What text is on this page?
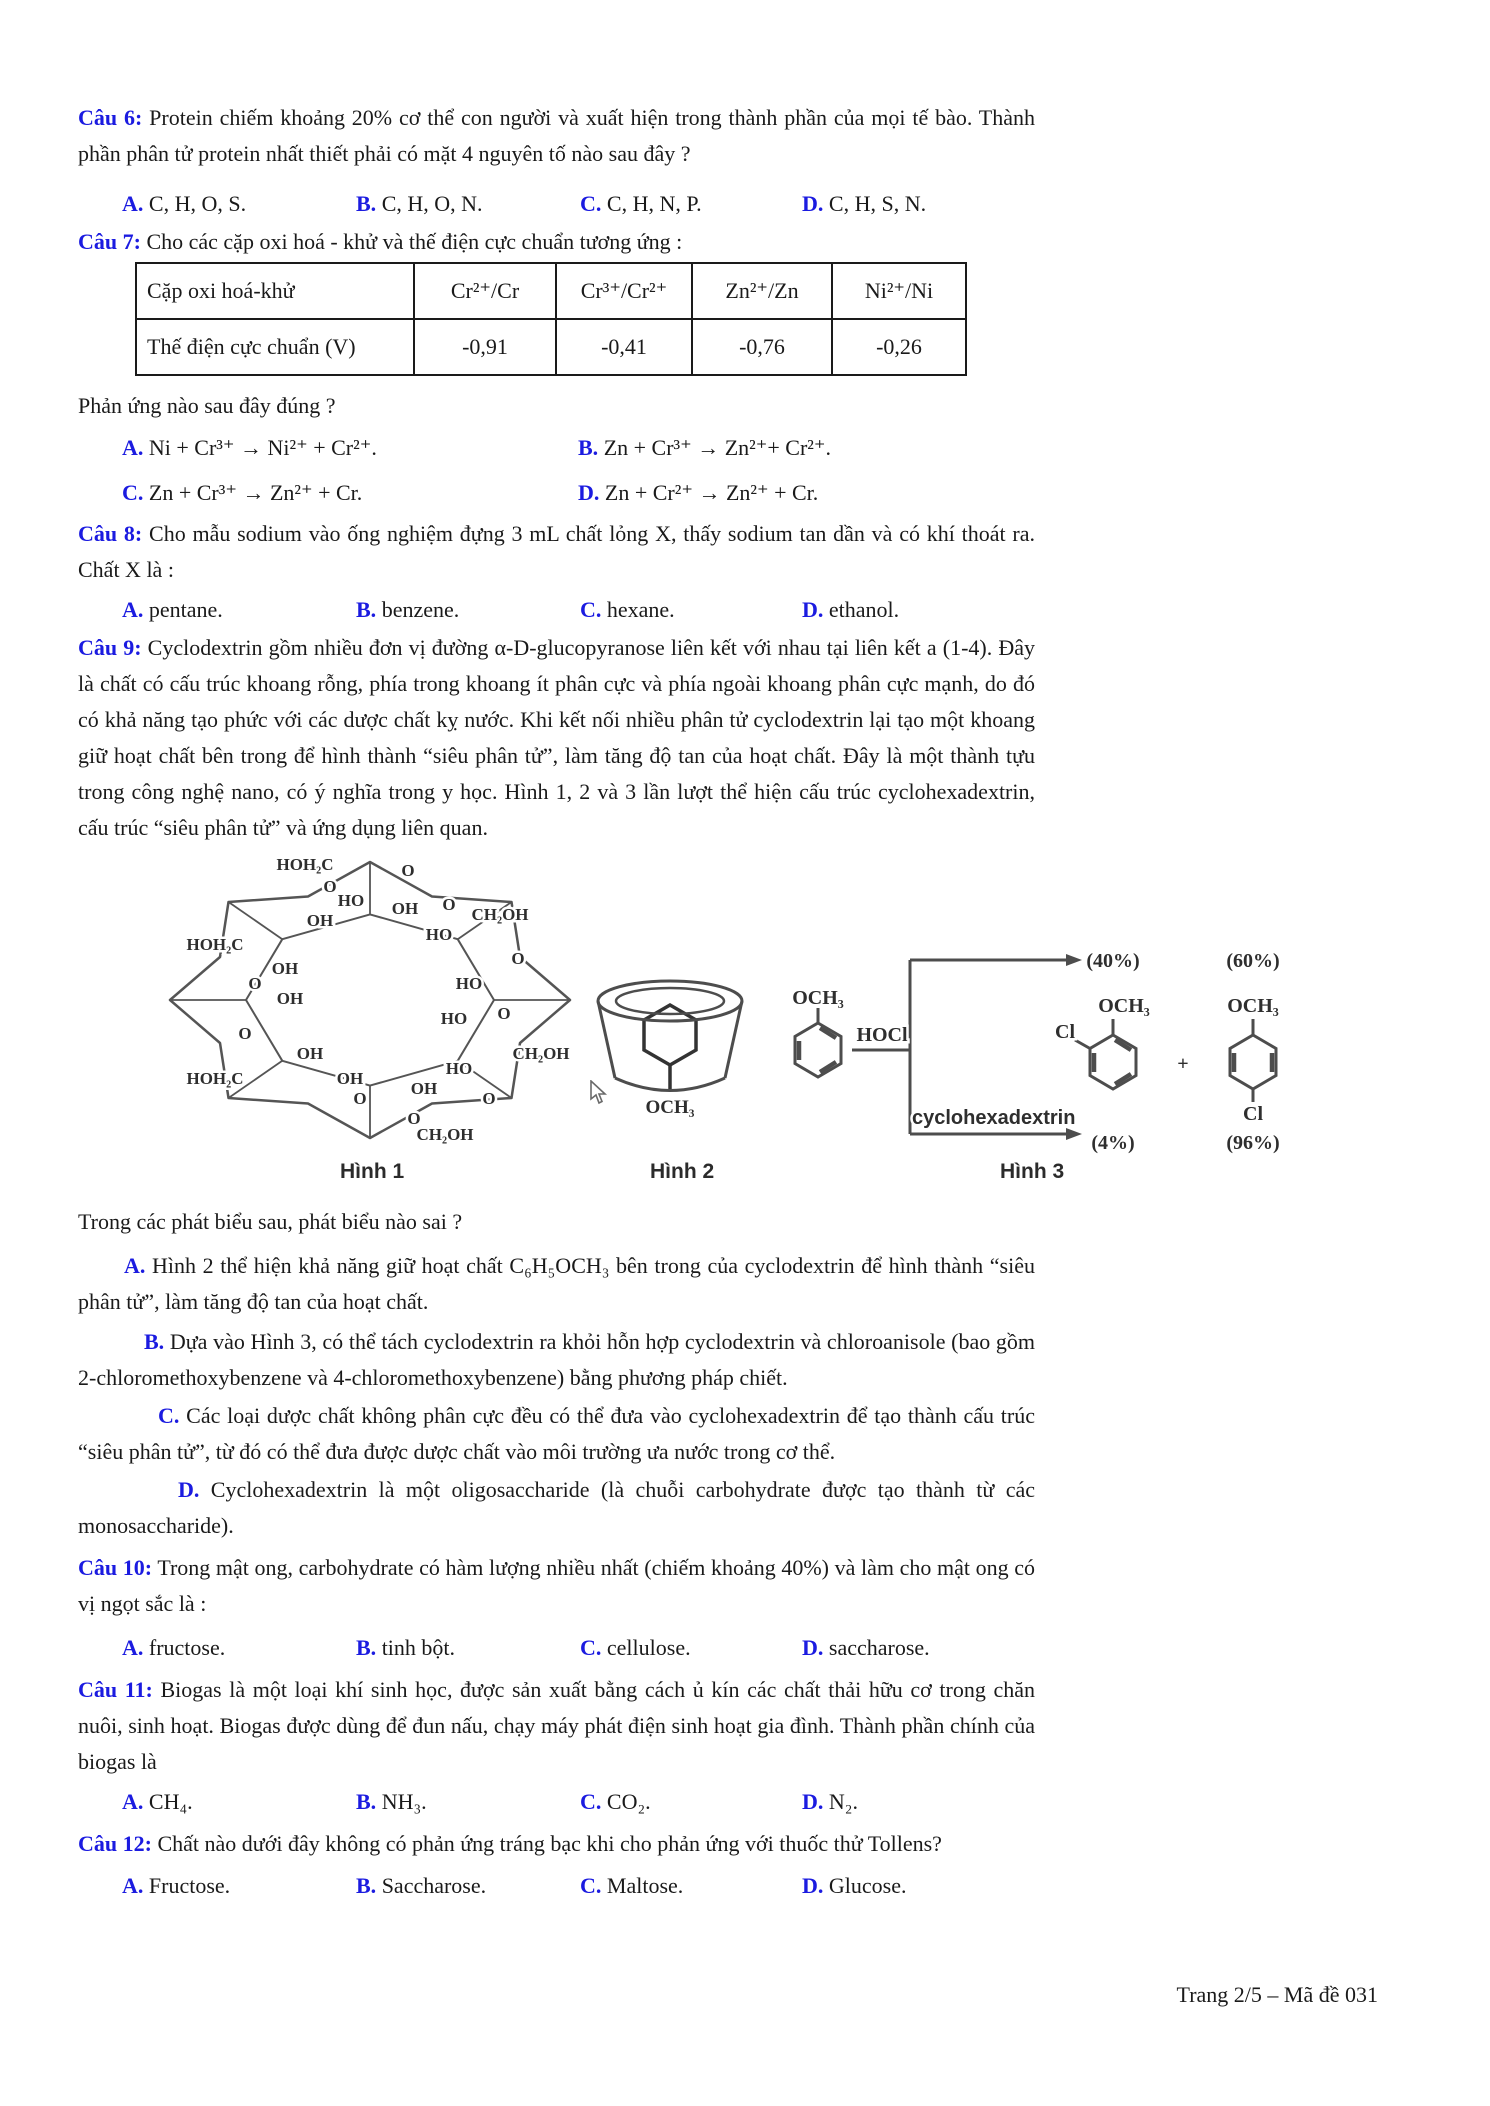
Câu 6: Protein chiếm khoảng 20% cơ thể con người và xuất hiện trong thành phần của mọi tế bào. Thành phần phân tử protein nhất thiết phải có mặt 4 nguyên tố nào sau đây ?

A. C, H, O, S.	B. C, H, O, N.	C. C, H, N, P.	D. C, H, S, N.

Câu 7: Cho các cặp oxi hoá - khử và thế điện cực chuẩn tương ứng :

Cặp oxi hoá-khử	Cr²⁺/Cr	Cr³⁺/Cr²⁺	Zn²⁺/Zn	Ni²⁺/Ni
Thế điện cực chuẩn (V)	-0,91	-0,41	-0,76	-0,26

Phản ứng nào sau đây đúng ?

A. Ni + Cr³⁺ → Ni²⁺ + Cr²⁺.	B. Zn + Cr³⁺ → Zn²⁺+ Cr²⁺.
C. Zn + Cr³⁺ → Zn²⁺ + Cr.	D. Zn + Cr²⁺ → Zn²⁺ + Cr.

Câu 8: Cho mẫu sodium vào ống nghiệm đựng 3 mL chất lỏng X, thấy sodium tan dần và có khí thoát ra. Chất X là :

A. pentane.	B. benzene.	C. hexane.	D. ethanol.

Câu 9: Cyclodextrin gồm nhiều đơn vị đường α-D-glucopyranose liên kết với nhau tại liên kết a (1-4). Đây là chất có cấu trúc khoang rỗng, phía trong khoang ít phân cực và phía ngoài khoang phân cực mạnh, do đó có khả năng tạo phức với các dược chất kỵ nước. Khi kết nối nhiều phân tử cyclodextrin lại tạo một khoang giữ hoạt chất bên trong để hình thành “siêu phân tử”, làm tăng độ tan của hoạt chất. Đây là một thành tựu trong công nghệ nano, có ý nghĩa trong y học. Hình 1, 2 và 3 lần lượt thể hiện cấu trúc cyclohexadextrin, cấu trúc “siêu phân tử” và ứng dụng liên quan.

HOH₂C	O
O
HO OH O
CH₂OH
OH
HO
HOH₂C
O
OH
HO
O
OH
HO O
O
OH	CH₂OH
HOH₂C	OH
HO
OH
O	O
O
CH₂OH
OCH₃
OCH₃
HOCl
(40%)	(60%)
OCH₃
Cl
+
OCH₃
Cl
(4%)	(96%)
cyclohexadextrin
Hình 1	Hình 2	Hình 3

Trong các phát biểu sau, phát biểu nào sai ?

A. Hình 2 thể hiện khả năng giữ hoạt chất C₆H₅OCH₃ bên trong của cyclodextrin để hình thành “siêu phân tử”, làm tăng độ tan của hoạt chất.

B. Dựa vào Hình 3, có thể tách cyclodextrin ra khỏi hỗn hợp cyclodextrin và chloroanisole (bao gồm 2-chloromethoxybenzene và 4-chloromethoxybenzene) bằng phương pháp chiết.

C. Các loại dược chất không phân cực đều có thể đưa vào cyclohexadextrin để tạo thành cấu trúc “siêu phân tử”, từ đó có thể đưa được dược chất vào môi trường ưa nước trong cơ thể.

D. Cyclohexadextrin là một oligosaccharide (là chuỗi carbohydrate được tạo thành từ các monosaccharide).

Câu 10: Trong mật ong, carbohydrate có hàm lượng nhiều nhất (chiếm khoảng 40%) và làm cho mật ong có vị ngọt sắc là :

A. fructose.	B. tinh bột.	C. cellulose.	D. saccharose.

Câu 11: Biogas là một loại khí sinh học, được sản xuất bằng cách ủ kín các chất thải hữu cơ trong chăn nuôi, sinh hoạt. Biogas được dùng để đun nấu, chạy máy phát điện sinh hoạt gia đình. Thành phần chính của biogas là

A. CH₄.	B. NH₃.	C. CO₂.	D. N₂.

Câu 12: Chất nào dưới đây không có phản ứng tráng bạc khi cho phản ứng với thuốc thử Tollens?

A. Fructose.	B. Saccharose.	C. Maltose.	D. Glucose.
Trang 2/5 – Mã đề 031
